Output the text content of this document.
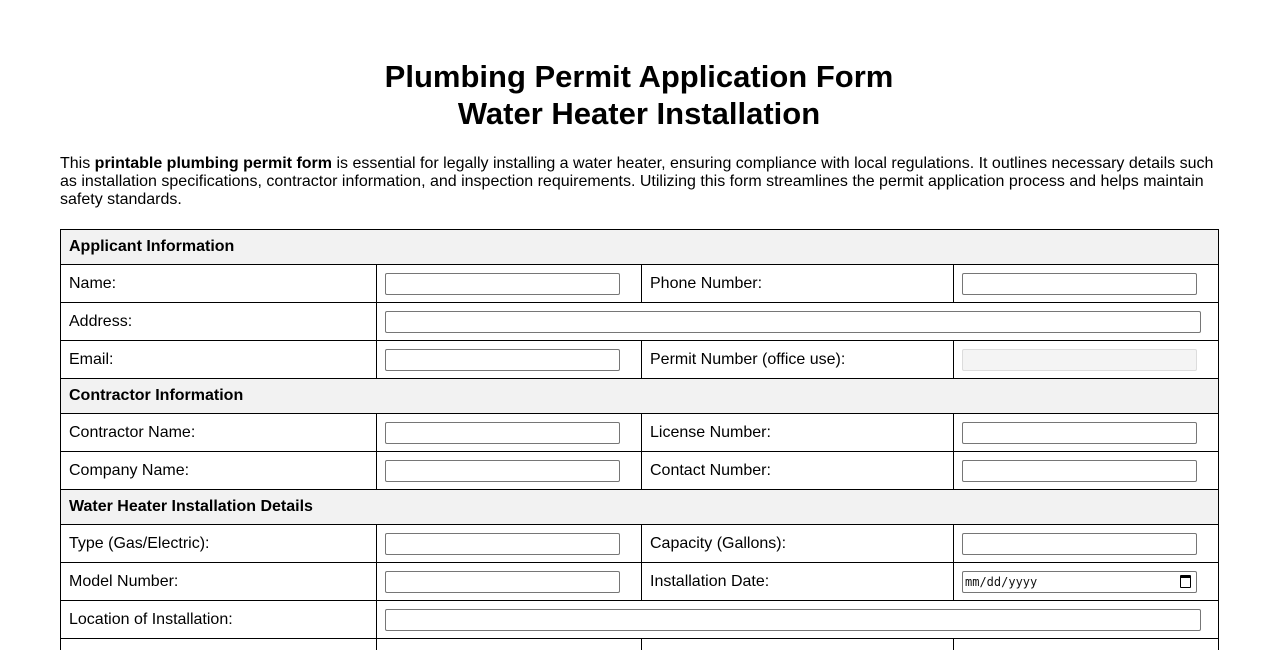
Plumbing Permit Application Form
Water Heater Installation

This printable plumbing permit form is essential for legally installing a water heater, ensuring compliance with local regulations. It outlines necessary details such as installation specifications, contractor information, and inspection requirements. Utilizing this form streamlines the permit application process and helps maintain safety standards.

Applicant Information			
Name:		Phone Number:	

Address:	

Email:		Permit Number (office use):	

Contractor Information			
Contractor Name:		License Number:	

Company Name:		Contact Number:	

Water Heater Installation Details			
Type (Gas/Electric):		Capacity (Gallons):	

Model Number:		Installation Date:	mm/dd/yyyy

Location of Installation:	
